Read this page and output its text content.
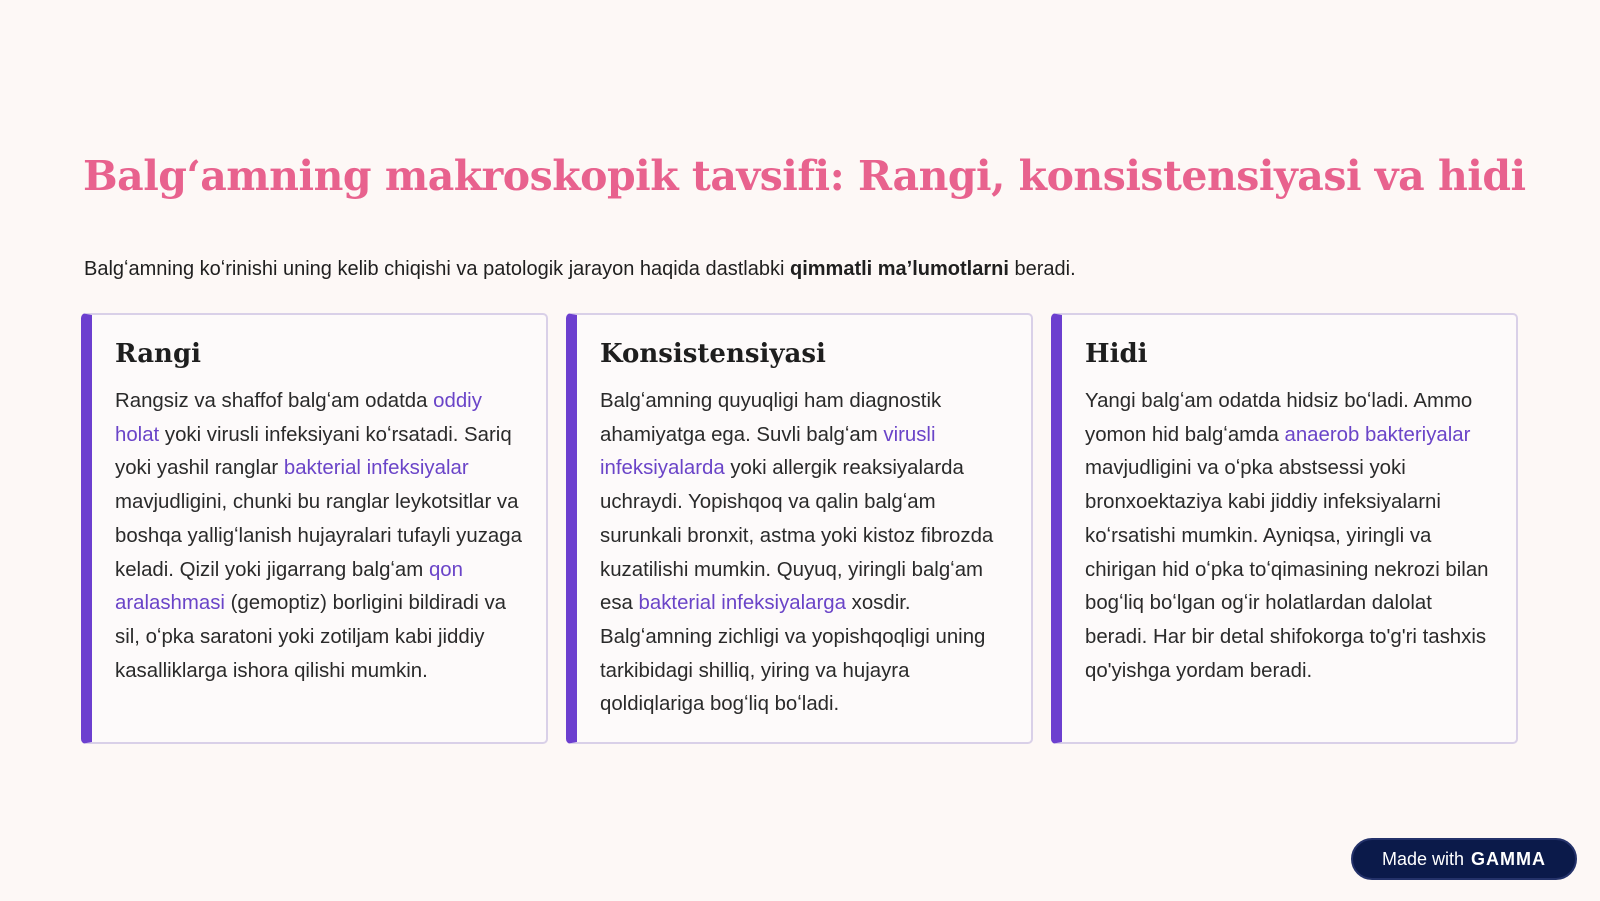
Balgʻamning makroskopik tavsifi: Rangi, konsistensiyasi va hidi

Balgʻamning koʻrinishi uning kelib chiqishi va patologik jarayon haqida dastlabki qimmatli maʼlumotlarni beradi.

Rangi

Rangsiz va shaffof balgʻam odatda oddiy holat yoki virusli infeksiyani koʻrsatadi. Sariq yoki yashil ranglar bakterial infeksiyalar mavjudligini, chunki bu ranglar leykotsitlar va boshqa yalligʻlanish hujayralari tufayli yuzaga keladi. Qizil yoki jigarrang balgʻam qon aralashmasi (gemoptiz) borligini bildiradi va sil, oʻpka saratoni yoki zotiljam kabi jiddiy kasalliklarga ishora qilishi mumkin.

Konsistensiyasi

Balgʻamning quyuqligi ham diagnostik ahamiyatga ega. Suvli balgʻam virusli infeksiyalarda yoki allergik reaksiyalarda uchraydi. Yopishqoq va qalin balgʻam surunkali bronxit, astma yoki kistoz fibrozda kuzatilishi mumkin. Quyuq, yiringli balgʻam esa bakterial infeksiyalarga xosdir. Balgʻamning zichligi va yopishqoqligi uning tarkibidagi shilliq, yiring va hujayra qoldiqlariga bogʻliq boʻladi.

Hidi

Yangi balgʻam odatda hidsiz boʻladi. Ammo yomon hid balgʻamda anaerob bakteriyalar mavjudligini va oʻpka abstsessi yoki bronxoektaziya kabi jiddiy infeksiyalarni koʻrsatishi mumkin. Ayniqsa, yiringli va chirigan hid oʻpka toʻqimasining nekrozi bilan bogʻliq boʻlgan ogʻir holatlardan dalolat beradi. Har bir detal shifokorga to'g'ri tashxis qo'yishga yordam beradi.

Made with GAMMA
